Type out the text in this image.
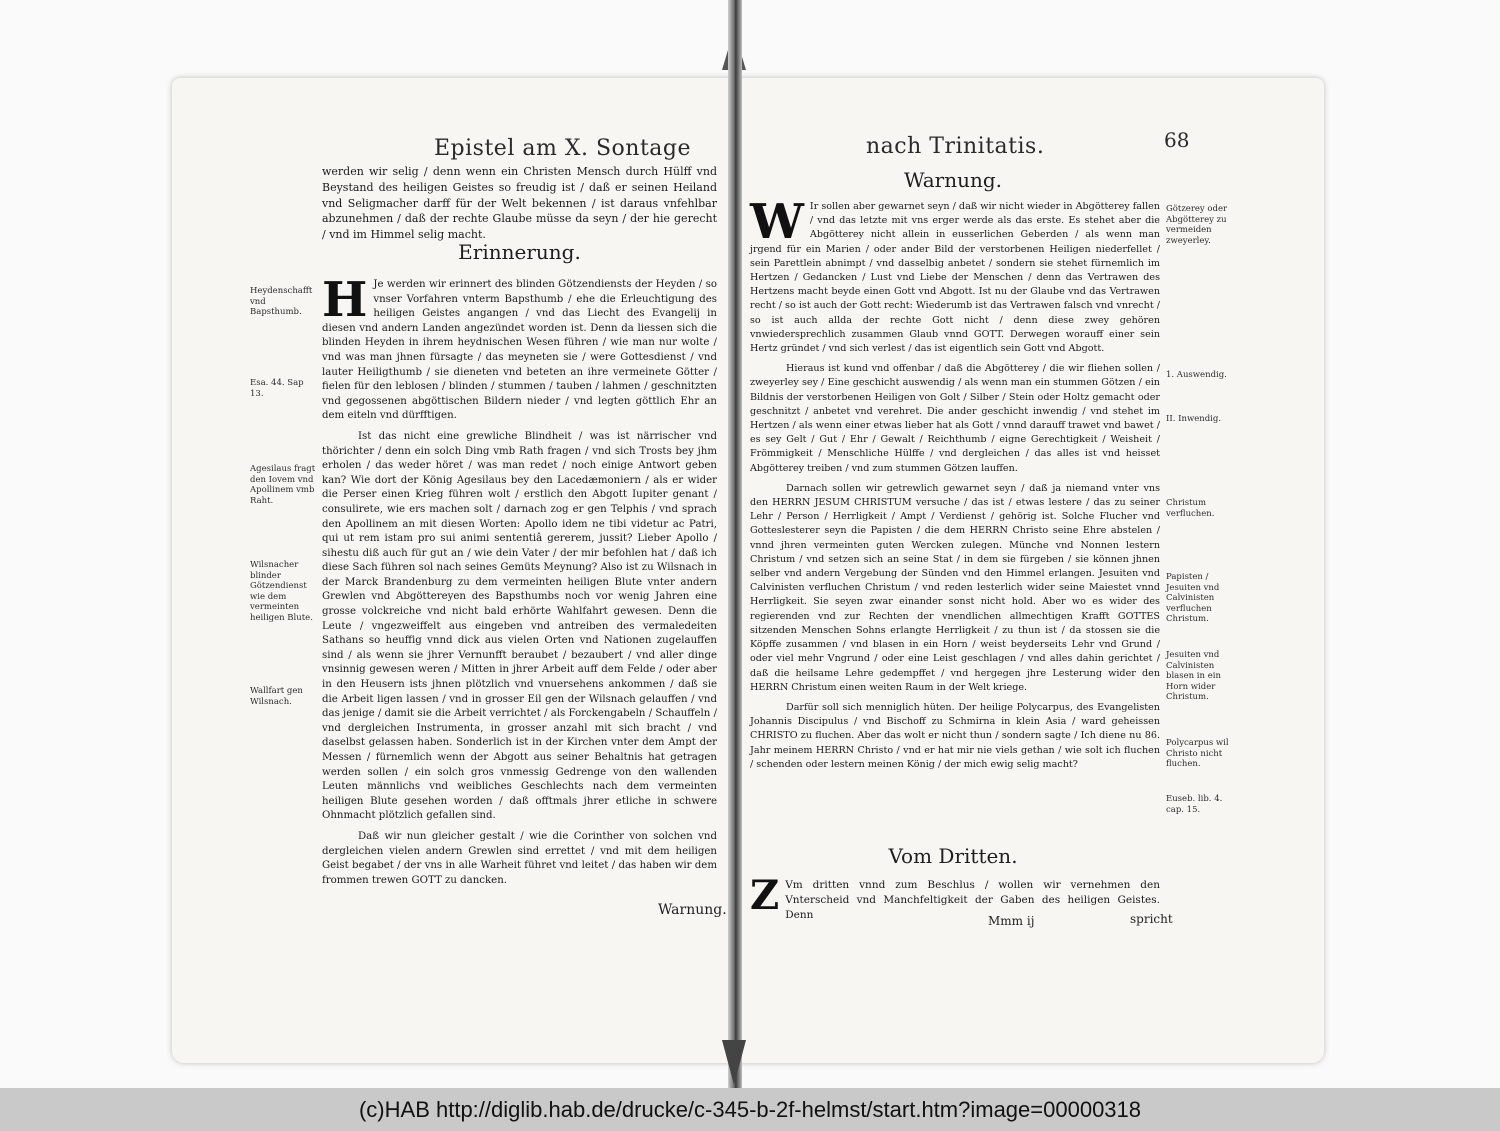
Epistel am X. Sontage

werden wir selig / denn wenn ein Christen Mensch durch Hülff vnd Beystand des heiligen Geistes so freudig ist / daß er seinen Heiland vnd Seligmacher darff für der Welt bekennen / ist daraus vnfehlbar abzunehmen / daß der rechte Glaube müsse da seyn / der hie gerecht / vnd im Himmel selig macht.

Erinnerung.

H Je werden wir erinnert des blinden Götzendiensts der Heyden / so vnser Vorfahren vnterm Bapsthumb / ehe die Erleuchtigung des heiligen Geistes angangen / vnd das Liecht des Evangelij in diesen vnd andern Landen angezündet worden ist. Denn da liessen sich die blinden Heyden in ihrem heydnischen Wesen führen / wie man nur wolte / vnd was man jhnen fürsagte / das meyneten sie / were Gottesdienst / vnd lauter Heiligthumb / sie dieneten vnd beteten an ihre vermeinete Götter / fielen für den leblosen / blinden / stummen / tauben / lahmen / geschnitzten vnd gegossenen abgöttischen Bildern nieder / vnd legten göttlich Ehr an dem eiteln vnd dürfftigen.

Ist das nicht eine grewliche Blindheit / was ist närrischer vnd thörichter / denn ein solch Ding vmb Rath fragen / vnd sich Trosts bey jhm erholen / das weder höret / was man redet / noch einige Antwort geben kan? Wie dort der König Agesilaus bey den Lacedæmoniern / als er wider die Perser einen Krieg führen wolt / erstlich den Abgott Iupiter genant / consulirete, wie ers machen solt / darnach zog er gen Telphis / vnd sprach den Apollinem an mit diesen Worten: Apollo idem ne tibi videtur ac Patri, qui ut rem istam pro sui animi sententiâ gererem, jussit? Lieber Apollo / sihestu diß auch für gut an / wie dein Vater / der mir befohlen hat / daß ich diese Sach führen sol nach seines Gemüts Meynung? Also ist zu Wilsnach in der Marck Brandenburg zu dem vermeinten heiligen Blute vnter andern Grewlen vnd Abgöttereyen des Bapsthumbs noch vor wenig Jahren eine grosse volckreiche vnd nicht bald erhörte Wahlfahrt gewesen. Denn die Leute / vngezweiffelt aus eingeben vnd antreiben des vermaledeiten Sathans so heuffig vnnd dick aus vielen Orten vnd Nationen zugelauffen sind / als wenn sie jhrer Vernunfft beraubet / bezaubert / vnd aller dinge vnsinnig gewesen weren / Mitten in jhrer Arbeit auff dem Felde / oder aber in den Heusern ists jhnen plötzlich vnd vnuersehens ankommen / daß sie die Arbeit ligen lassen / vnd in grosser Eil gen der Wilsnach gelauffen / vnd das jenige / damit sie die Arbeit verrichtet / als Forckengabeln / Schauffeln / vnd dergleichen Instrumenta, in grosser anzahl mit sich bracht / vnd daselbst gelassen haben. Sonderlich ist in der Kirchen vnter dem Ampt der Messen / fürnemlich wenn der Abgott aus seiner Behaltnis hat getragen werden sollen / ein solch gros vnmessig Gedrenge von den wallenden Leuten männlichs vnd weibliches Geschlechts nach dem vermeinten heiligen Blute gesehen worden / daß offtmals jhrer etliche in schwere Ohnmacht plötzlich gefallen sind.

Daß wir nun gleicher gestalt / wie die Corinther von solchen vnd dergleichen vielen andern Grewlen sind errettet / vnd mit dem heiligen Geist begabet / der vns in alle Warheit führet vnd leitet / das haben wir dem frommen trewen GOTT zu dancken.

Heydenschafft vnd Bapsthumb.
Esa. 44. Sap 13.
Agesilaus fragt den Iovem vnd Apollinem vmb Raht.
Wilsnacher blinder Götzendienst wie dem vermeinten heiligen Blute.
Wallfart gen Wilsnach.
Warnung.
nach Trinitatis.	68
Warnung.

W Ir sollen aber gewarnet seyn / daß wir nicht wieder in Abgötterey fallen / vnd das letzte mit vns erger werde als das erste. Es stehet aber die Abgötterey nicht allein in eusserlichen Geberden / als wenn man jrgend für ein Marien / oder ander Bild der verstorbenen Heiligen niederfellet / sein Parettlein abnimpt / vnd dasselbig anbetet / sondern sie stehet fürnemlich im Hertzen / Gedancken / Lust vnd Liebe der Menschen / denn das Vertrawen des Hertzens macht beyde einen Gott vnd Abgott. Ist nu der Glaube vnd das Vertrawen recht / so ist auch der Gott recht: Wiederumb ist das Vertrawen falsch vnd vnrecht / so ist auch allda der rechte Gott nicht / denn diese zwey gehören vnwiedersprechlich zusammen Glaub vnnd GOTT. Derwegen worauff einer sein Hertz gründet / vnd sich verlest / das ist eigentlich sein Gott vnd Abgott.

Hieraus ist kund vnd offenbar / daß die Abgötterey / die wir fliehen sollen / zweyerley sey / Eine geschicht auswendig / als wenn man ein stummen Götzen / ein Bildnis der verstorbenen Heiligen von Golt / Silber / Stein oder Holtz gemacht oder geschnitzt / anbetet vnd verehret. Die ander geschicht inwendig / vnd stehet im Hertzen / als wenn einer etwas lieber hat als Gott / vnnd darauff trawet vnd bawet / es sey Gelt / Gut / Ehr / Gewalt / Reichthumb / eigne Gerechtigkeit / Weisheit / Frömmigkeit / Menschliche Hülffe / vnd dergleichen / das alles ist vnd heisset Abgötterey treiben / vnd zum stummen Götzen lauffen.

Darnach sollen wir getrewlich gewarnet seyn / daß ja niemand vnter vns den HERRN JESUM CHRISTUM versuche / das ist / etwas lestere / das zu seiner Lehr / Person / Herrligkeit / Ampt / Verdienst / gehörig ist. Solche Flucher vnd Gotteslesterer seyn die Papisten / die dem HERRN Christo seine Ehre abstelen / vnnd jhren vermeinten guten Wercken zulegen. Münche vnd Nonnen lestern Christum / vnd setzen sich an seine Stat / in dem sie fürgeben / sie können jhnen selber vnd andern Vergebung der Sünden vnd den Himmel erlangen. Jesuiten vnd Calvinisten verfluchen Christum / vnd reden lesterlich wider seine Maiestet vnnd Herrligkeit. Sie seyen zwar einander sonst nicht hold. Aber wo es wider des regierenden vnd zur Rechten der vnendlichen allmechtigen Krafft GOTTES sitzenden Menschen Sohns erlangte Herrligkeit / zu thun ist / da stossen sie die Köpffe zusammen / vnd blasen in ein Horn / weist beyderseits Lehr vnd Grund / oder viel mehr Vngrund / oder eine Leist geschlagen / vnd alles dahin gerichtet / daß die heilsame Lehre gedempffet / vnd hergegen jhre Lesterung wider den HERRN Christum einen weiten Raum in der Welt kriege.

Darfür soll sich menniglich hüten. Der heilige Polycarpus, des Evangelisten Johannis Discipulus / vnd Bischoff zu Schmirna in klein Asia / ward geheissen CHRISTO zu fluchen. Aber das wolt er nicht thun / sondern sagte / Ich diene nu 86. Jahr meinem HERRN Christo / vnd er hat mir nie viels gethan / wie solt ich fluchen / schenden oder lestern meinen König / der mich ewig selig macht?

Vom Dritten.

Z Vm dritten vnnd zum Beschlus / wollen wir vernehmen den Vnterscheid vnd Manchfeltigkeit der Gaben des heiligen Geistes. Denn	Mmm ij	spricht
Götzerey oder Abgötterey zu vermeiden zweyerley.
1. Auswendig.
II. Inwendig.
Christum verfluchen.
Papisten / Jesuiten vnd Calvinisten verfluchen Christum.
Jesuiten vnd Calvinisten blasen in ein Horn wider Christum.
Polycarpus wil Christo nicht fluchen.
Euseb. lib. 4. cap. 15.
(c)HAB http://diglib.hab.de/drucke/c-345-b-2f-helmst/start.htm?image=00000318
